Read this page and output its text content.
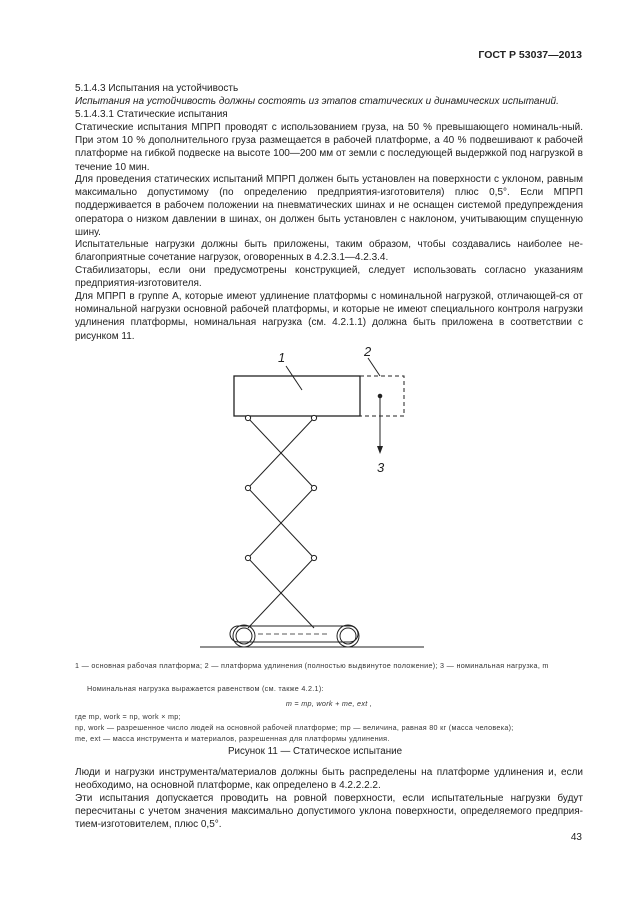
ГОСТ Р 53037—2013

5.1.4.3 Испытания на устойчивость

Испытания на устойчивость должны состоять из этапов статических и динамических испытаний.

5.1.4.3.1 Статические испытания

Статические испытания МПРП проводят с использованием груза, на 50 % превышающего номиналь-ный. При этом 10 % дополнительного груза размещается в рабочей платформе, а 40 % подвешивают к рабочей платформе на гибкой подвеске на высоте 100—200 мм от земли с последующей выдержкой под нагрузкой в течение 10 мин.

Для проведения статических испытаний МПРП должен быть установлен на поверхности с уклоном, равным максимально допустимому (по определению предприятия-изготовителя) плюс 0,5°. Если МПРП поддерживается в рабочем положении на пневматических шинах и не оснащен системой предупреждения оператора о низком давлении в шинах, он должен быть установлен с наклоном, учитывающим спущенную шину.

Испытательные нагрузки должны быть приложены, таким образом, чтобы создавались наиболее не-благоприятные сочетание нагрузок, оговоренных в 4.2.3.1—4.2.3.4.

Стабилизаторы, если они предусмотрены конструкцией, следует использовать согласно указаниям предприятия-изготовителя.

Для МПРП в группе А, которые имеют удлинение платформы с номинальной нагрузкой, отличающей-ся от номинальной нагрузки основной рабочей платформы, и которые не имеют специального контроля нагрузки удлинения платформы, номинальная нагрузка (см. 4.2.1.1) должна быть приложена в соответствии с рисунком 11.

1	2
3

1 — основная рабочая платформа; 2 — платформа удлинения (полностью выдвинутое положение); 3 — номинальная нагрузка, m

Номинальная нагрузка выражается равенством (см. также 4.2.1):

m = mp, work + me, ext ,

где mp, work = np, work × mp;

np, work — разрешенное число людей на основной рабочей платформе; mp — величина, равная 80 кг (масса человека);

me, ext — масса инструмента и материалов, разрешенная для платформы удлинения.

Рисунок 11 — Статическое испытание

Люди и нагрузки инструмента/материалов должны быть распределены на платформе удлинения и, если необходимо, на основной платформе, как определено в 4.2.2.2.2.

Эти испытания допускается проводить на ровной поверхности, если испытательные нагрузки будут пересчитаны с учетом значения максимально допустимого уклона поверхности, определяемого предприя-тием-изготовителем, плюс 0,5°.

43
